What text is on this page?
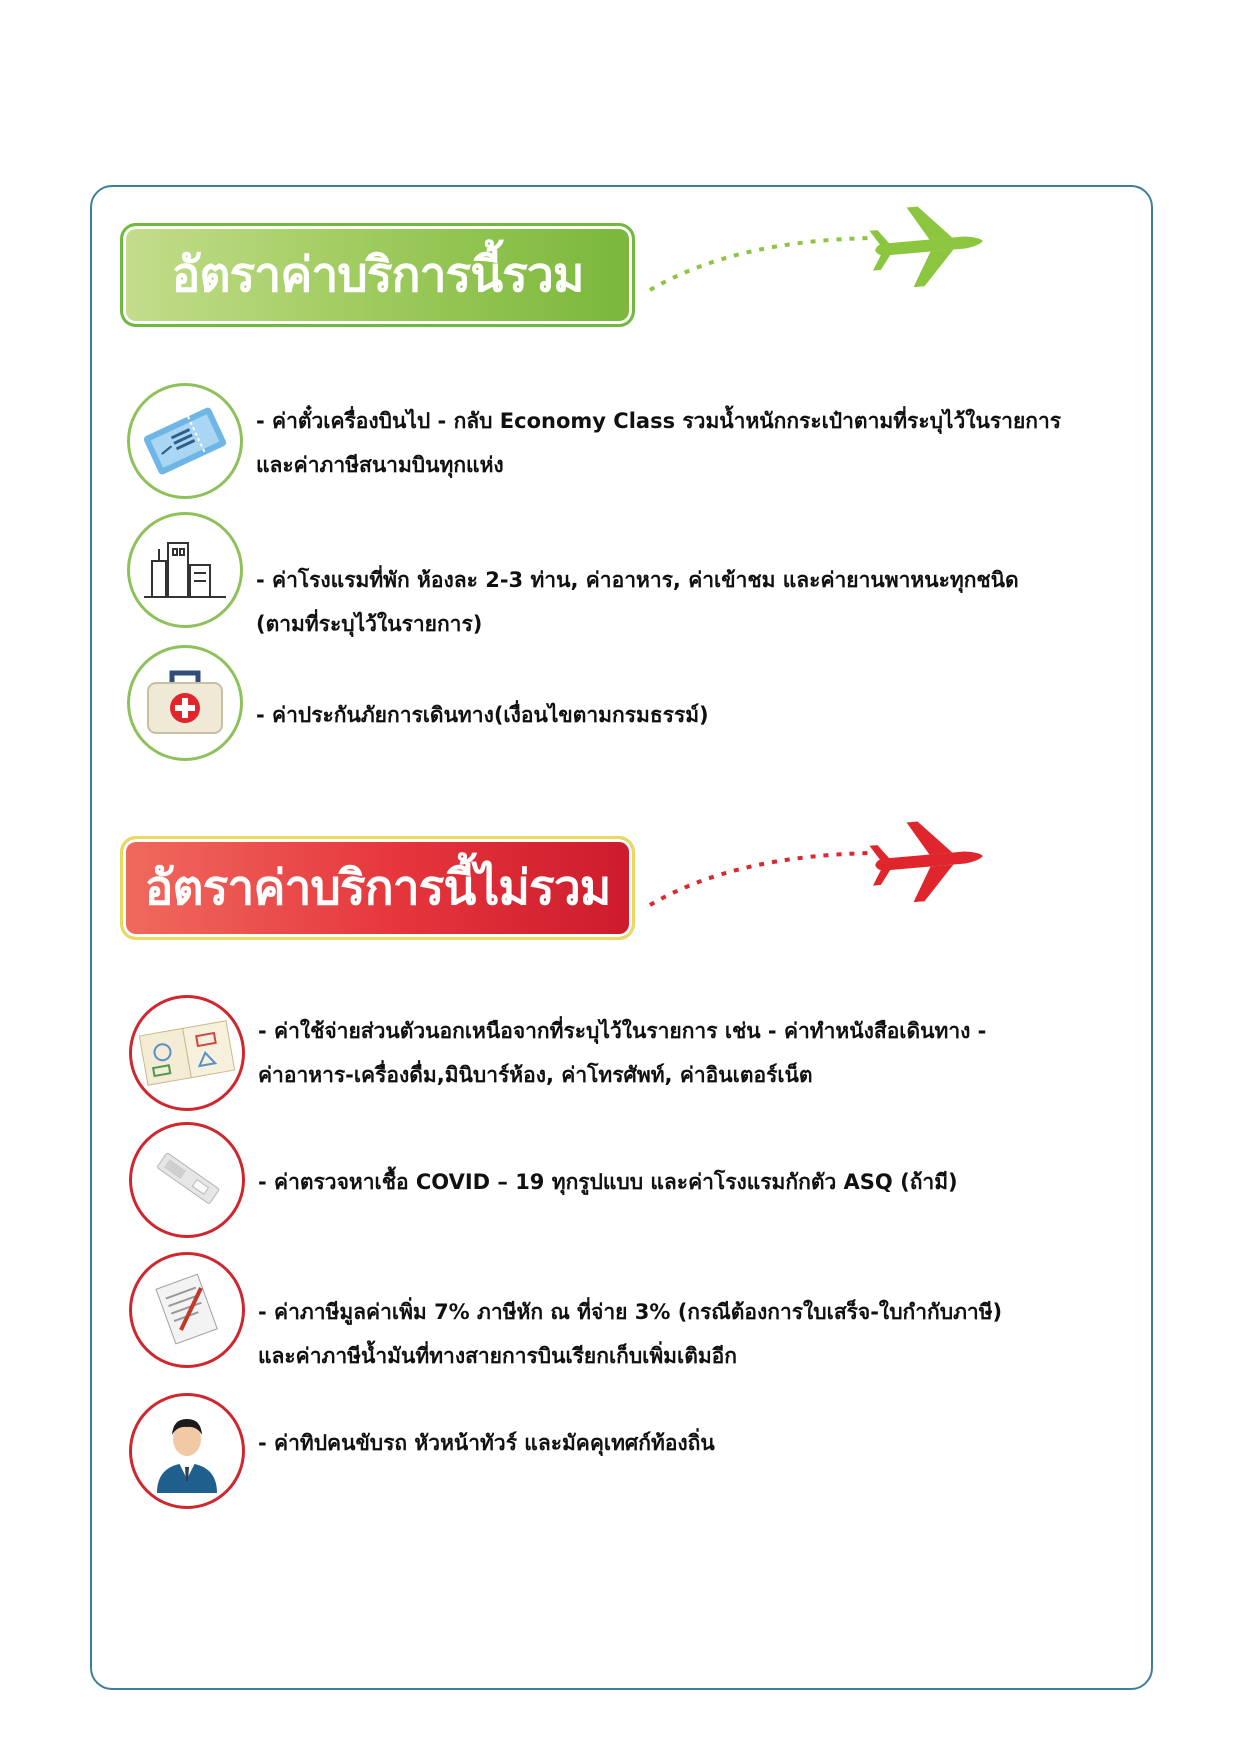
อัตราค่าบริการนี้รวม
- ค่าตั๋วเครื่องบินไป - กลับ Economy Class รวมน้ำหนักกระเป๋าตามที่ระบุไว้ในรายการ
และค่าภาษีสนามบินทุกแห่ง
- ค่าโรงแรมที่พัก ห้องละ 2-3 ท่าน, ค่าอาหาร, ค่าเข้าชม และค่ายานพาหนะทุกชนิด
(ตามที่ระบุไว้ในรายการ)
- ค่าประกันภัยการเดินทาง(เงื่อนไขตามกรมธรรม์)
อัตราค่าบริการนี้ไม่รวม
- ค่าใช้จ่ายส่วนตัวนอกเหนือจากที่ระบุไว้ในรายการ เช่น - ค่าทำหนังสือเดินทาง -
ค่าอาหาร-เครื่องดื่ม,มินิบาร์ห้อง, ค่าโทรศัพท์, ค่าอินเตอร์เน็ต
- ค่าตรวจหาเชื้อ COVID – 19 ทุกรูปแบบ และค่าโรงแรมกักตัว ASQ (ถ้ามี)
- ค่าภาษีมูลค่าเพิ่ม 7% ภาษีหัก ณ ที่จ่าย 3% (กรณีต้องการใบเสร็จ-ใบกำกับภาษี)
และค่าภาษีน้ำมันที่ทางสายการบินเรียกเก็บเพิ่มเติมอีก
- ค่าทิปคนขับรถ หัวหน้าทัวร์ และมัคคุเทศก์ท้องถิ่น
